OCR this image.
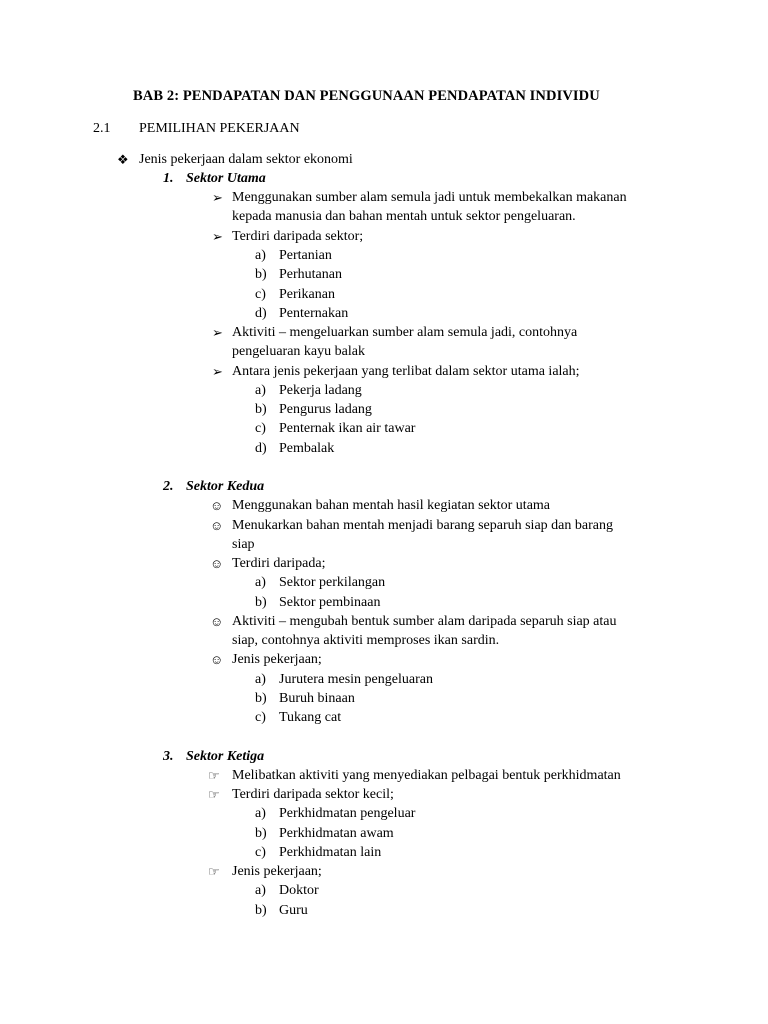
BAB 2: PENDAPATAN DAN PENGGUNAAN PENDAPATAN INDIVIDU
2.1 PEMILIHAN PEKERJAAN
❖ Jenis pekerjaan dalam sektor ekonomi
1. Sektor Utama
➢ Menggunakan sumber alam semula jadi untuk membekalkan makanan
kepada manusia dan bahan mentah untuk sektor pengeluaran.
➢ Terdiri daripada sektor;
a) Pertanian
b) Perhutanan
c) Perikanan
d) Penternakan
➢ Aktiviti – mengeluarkan sumber alam semula jadi, contohnya
pengeluaran kayu balak
➢ Antara jenis pekerjaan yang terlibat dalam sektor utama ialah;
a) Pekerja ladang
b) Pengurus ladang
c) Penternak ikan air tawar
d) Pembalak
2. Sektor Kedua
☺ Menggunakan bahan mentah hasil kegiatan sektor utama
☺ Menukarkan bahan mentah menjadi barang separuh siap dan barang
siap
☺ Terdiri daripada;
a) Sektor perkilangan
b) Sektor pembinaan
☺ Aktiviti – mengubah bentuk sumber alam daripada separuh siap atau
siap, contohnya aktiviti memproses ikan sardin.
☺ Jenis pekerjaan;
a) Jurutera mesin pengeluaran
b) Buruh binaan
c) Tukang cat
3. Sektor Ketiga
☞ Melibatkan aktiviti yang menyediakan pelbagai bentuk perkhidmatan
☞ Terdiri daripada sektor kecil;
a) Perkhidmatan pengeluar
b) Perkhidmatan awam
c) Perkhidmatan lain
☞ Jenis pekerjaan;
a) Doktor
b) Guru
